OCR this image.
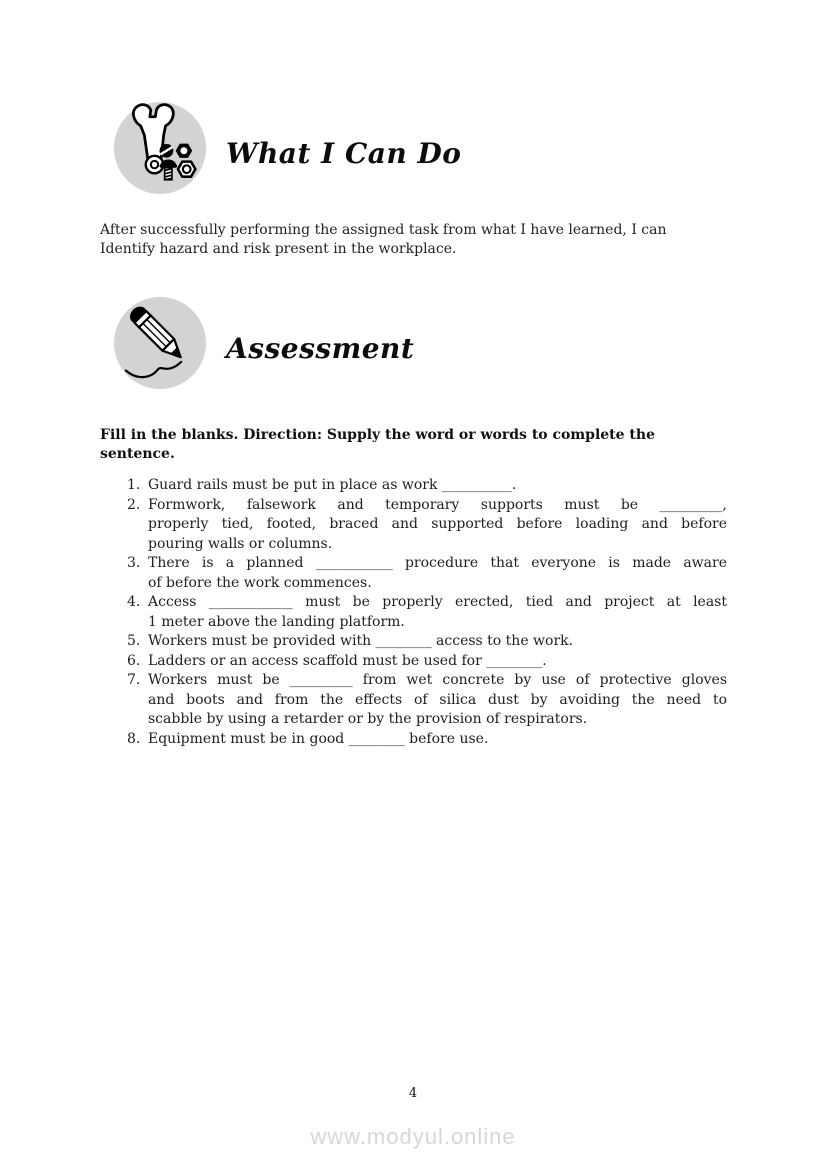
What I Can Do

After successfully performing the assigned task from what I have learned, I can
Identify hazard and risk present in the workplace.

Assessment

Fill in the blanks. Direction: Supply the word or words to complete the
sentence.

1. Guard rails must be put in place as work __________.
2. Formwork, falsework and temporary supports must be _________,
properly tied, footed, braced and supported before loading and before
pouring walls or columns.
3. There is a planned ___________ procedure that everyone is made aware
of before the work commences.
4. Access ____________ must be properly erected, tied and project at least
1 meter above the landing platform.
5. Workers must be provided with ________ access to the work.
6. Ladders or an access scaffold must be used for ________.
7. Workers must be _________ from wet concrete by use of protective gloves
and boots and from the effects of silica dust by avoiding the need to
scabble by using a retarder or by the provision of respirators.
8. Equipment must be in good ________ before use.
4
www.modyul.online
